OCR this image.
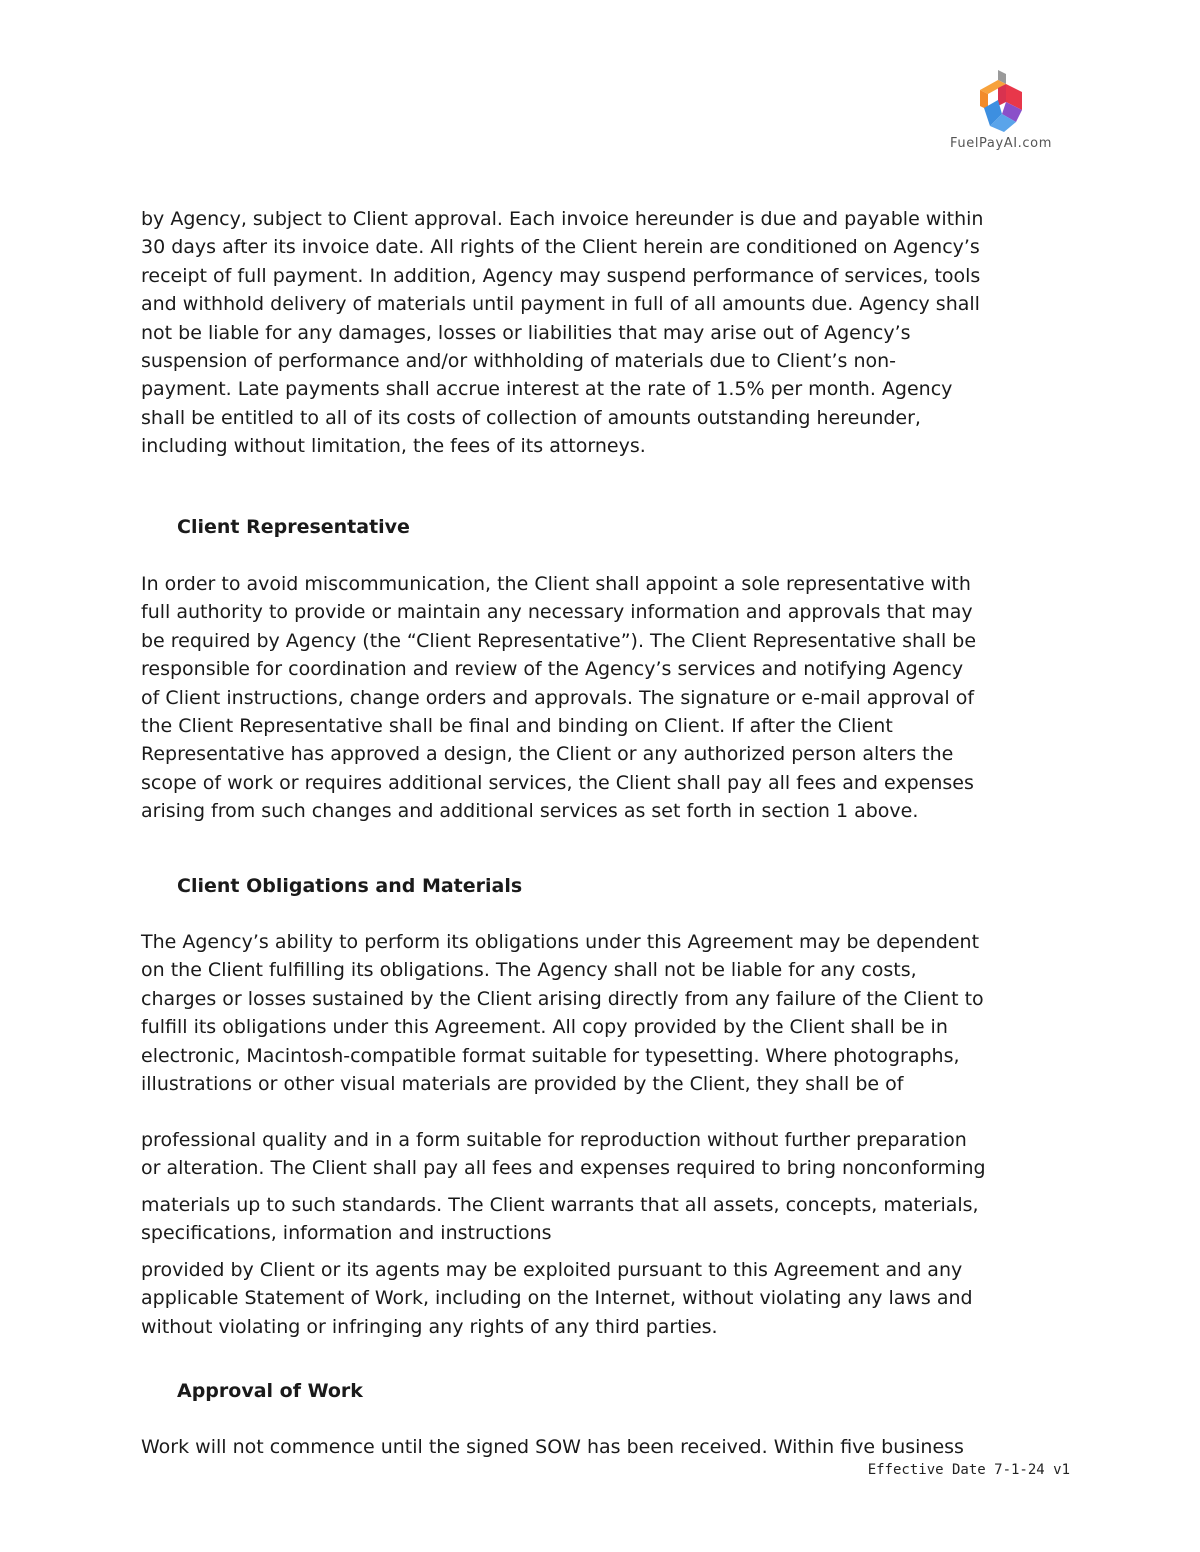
FuelPayAI.com

by Agency, subject to Client approval. Each invoice hereunder is due and payable within
30 days after its invoice date. All rights of the Client herein are conditioned on Agency’s
receipt of full payment. In addition, Agency may suspend performance of services, tools
and withhold delivery of materials until payment in full of all amounts due. Agency shall
not be liable for any damages, losses or liabilities that may arise out of Agency’s
suspension of performance and/or withholding of materials due to Client’s non-
payment. Late payments shall accrue interest at the rate of 1.5% per month. Agency
shall be entitled to all of its costs of collection of amounts outstanding hereunder,
including without limitation, the fees of its attorneys.

Client Representative

In order to avoid miscommunication, the Client shall appoint a sole representative with
full authority to provide or maintain any necessary information and approvals that may
be required by Agency (the “Client Representative”). The Client Representative shall be
responsible for coordination and review of the Agency’s services and notifying Agency
of Client instructions, change orders and approvals. The signature or e-mail approval of
the Client Representative shall be final and binding on Client. If after the Client
Representative has approved a design, the Client or any authorized person alters the
scope of work or requires additional services, the Client shall pay all fees and expenses
arising from such changes and additional services as set forth in section 1 above.

Client Obligations and Materials

The Agency’s ability to perform its obligations under this Agreement may be dependent
on the Client fulfilling its obligations. The Agency shall not be liable for any costs,
charges or losses sustained by the Client arising directly from any failure of the Client to
fulfill its obligations under this Agreement. All copy provided by the Client shall be in
electronic, Macintosh-compatible format suitable for typesetting. Where photographs,
illustrations or other visual materials are provided by the Client, they shall be of

professional quality and in a form suitable for reproduction without further preparation
or alteration. The Client shall pay all fees and expenses required to bring nonconforming

materials up to such standards. The Client warrants that all assets, concepts, materials,
specifications, information and instructions

provided by Client or its agents may be exploited pursuant to this Agreement and any
applicable Statement of Work, including on the Internet, without violating any laws and
without violating or infringing any rights of any third parties.

Approval of Work

Work will not commence until the signed SOW has been received. Within five business

Effective Date 7-1-24 v1
